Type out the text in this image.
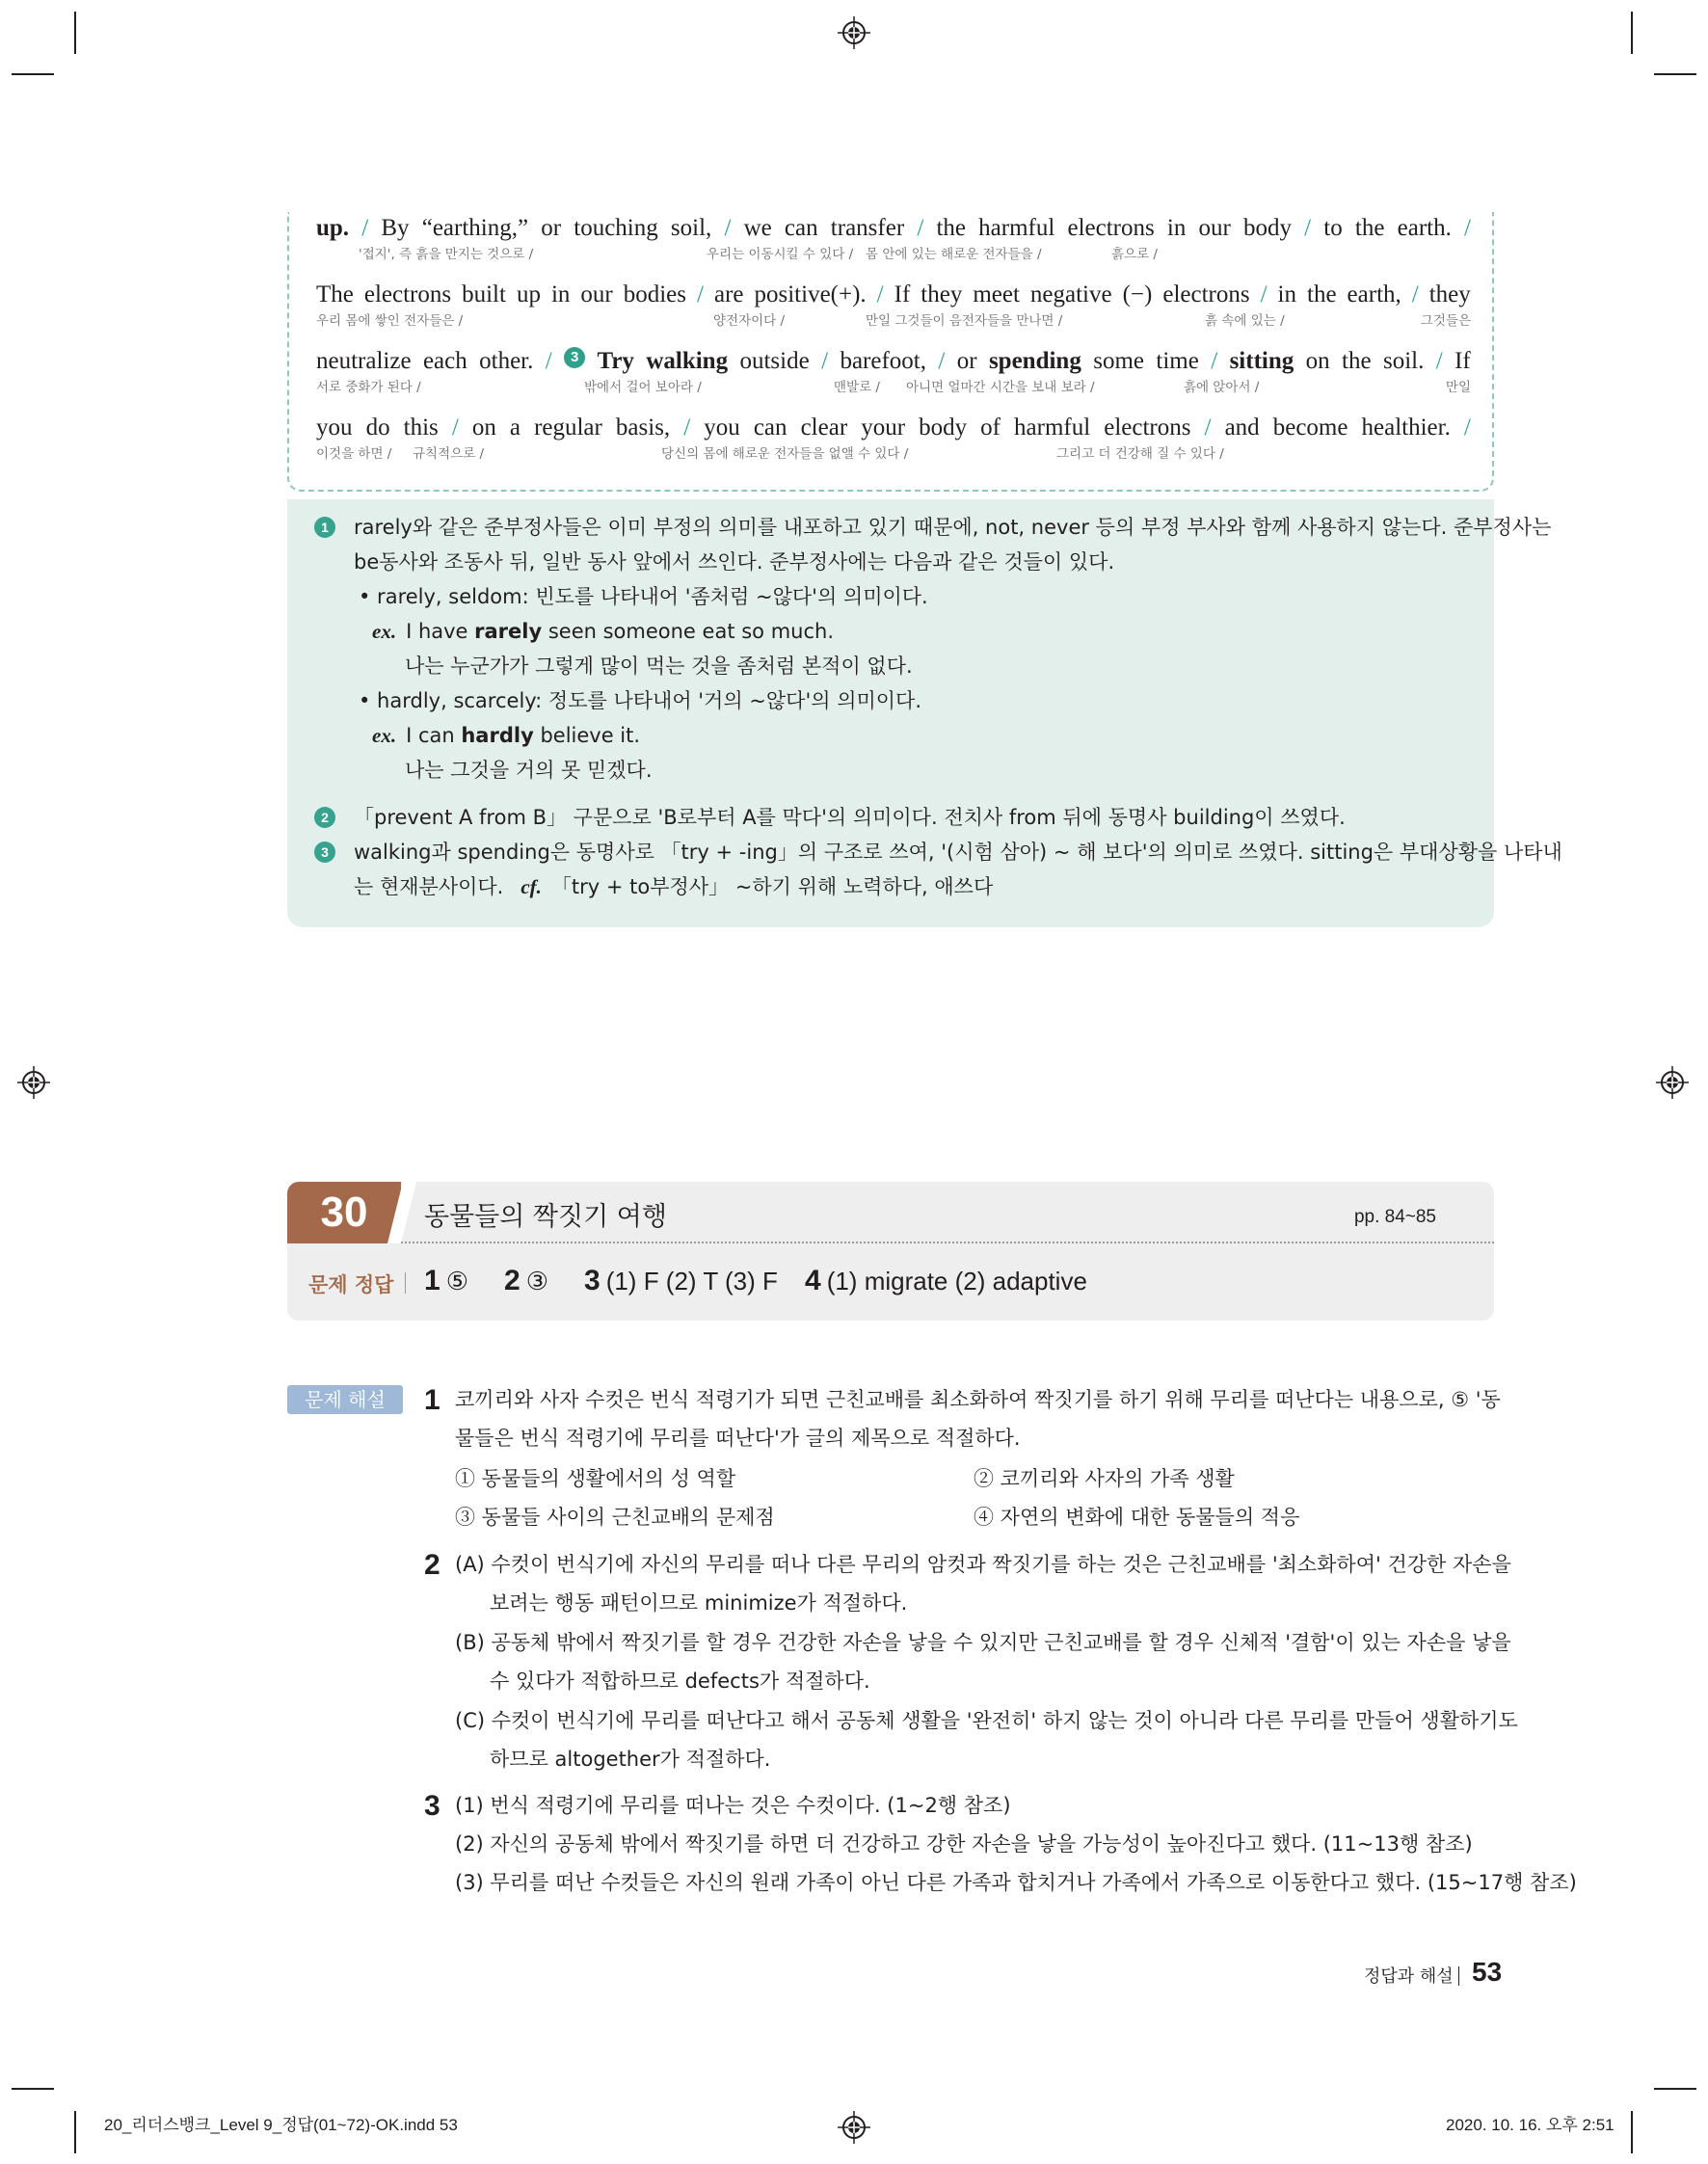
up. / By “earthing,” or touching soil, / we can transfer / the harmful electrons in our body / to the earth. /
'접지', 즉 흙을 만지는 것으로 /	우리는 이동시킬 수 있다 / 몸 안에 있는 해로운 전자들을 /	흙으로 /
The electrons built up in our bodies / are positive(+). / If they meet negative (−) electrons / in the earth, / they
우리 몸에 쌓인 전자들은 /	양전자이다 /	만일 그것들이 음전자들을 만나면 /	흙 속에 있는 /	그것들은
neutralize each other. /	3 Try walking outside / barefoot, / or spending some time / sitting on the soil. / If
서로 중화가 된다 /	밖에서 걸어 보아라 /	맨발로 / 아니면 얼마간 시간을 보내 보라 /	흙에 앉아서 /	만일
you do this / on a regular basis, / you can clear your body of harmful electrons / and become healthier. /
이것을 하면 / 규칙적으로 /	당신의 몸에 해로운 전자들을 없앨 수 있다 /	그리고 더 건강해 질 수 있다 /
1	rarely와 같은 준부정사들은 이미 부정의 의미를 내포하고 있기 때문에, not, never 등의 부정 부사와 함께 사용하지 않는다. 준부정사는
be동사와 조동사 뒤, 일반 동사 앞에서 쓰인다. 준부정사에는 다음과 같은 것들이 있다.
• rarely, seldom: 빈도를 나타내어 '좀처럼 ~않다'의 의미이다.
ex. I have rarely seen someone eat so much.
나는 누군가가 그렇게 많이 먹는 것을 좀처럼 본적이 없다.
• hardly, scarcely: 정도를 나타내어 '거의 ~않다'의 의미이다.
ex. I can hardly believe it.
나는 그것을 거의 못 믿겠다.
2	「prevent A from B」 구문으로 'B로부터 A를 막다'의 의미이다. 전치사 from 뒤에 동명사 building이 쓰였다.
3	walking과 spending은 동명사로 「try + -ing」의 구조로 쓰여, '(시험 삼아) ~ 해 보다'의 의미로 쓰였다. sitting은 부대상황을 나타내
는 현재분사이다. cf. 「try + to부정사」 ~하기 위해 노력하다, 애쓰다
30	동물들의 짝짓기 여행	pp. 84~85
문제 정답 1 ⑤ 2 ③ 3 (1) F (2) T (3) F 4 (1) migrate (2) adaptive
문제 해설	1 코끼리와 사자 수컷은 번식 적령기가 되면 근친교배를 최소화하여 짝짓기를 하기 위해 무리를 떠난다는 내용으로, ⑤ '동
물들은 번식 적령기에 무리를 떠난다'가 글의 제목으로 적절하다.
① 동물들의 생활에서의 성 역할	② 코끼리와 사자의 가족 생활
③ 동물들 사이의 근친교배의 문제점	④ 자연의 변화에 대한 동물들의 적응
2 (A) 수컷이 번식기에 자신의 무리를 떠나 다른 무리의 암컷과 짝짓기를 하는 것은 근친교배를 '최소화하여' 건강한 자손을
보려는 행동 패턴이므로 minimize가 적절하다.
(B) 공동체 밖에서 짝짓기를 할 경우 건강한 자손을 낳을 수 있지만 근친교배를 할 경우 신체적 '결함'이 있는 자손을 낳을
수 있다가 적합하므로 defects가 적절하다.
(C) 수컷이 번식기에 무리를 떠난다고 해서 공동체 생활을 '완전히' 하지 않는 것이 아니라 다른 무리를 만들어 생활하기도
하므로 altogether가 적절하다.
3 (1) 번식 적령기에 무리를 떠나는 것은 수컷이다. (1~2행 참조)
(2) 자신의 공동체 밖에서 짝짓기를 하면 더 건강하고 강한 자손을 낳을 가능성이 높아진다고 했다. (11~13행 참조)
(3) 무리를 떠난 수컷들은 자신의 원래 가족이 아닌 다른 가족과 합치거나 가족에서 가족으로 이동한다고 했다. (15~17행 참조)
정답과 해설 53
20_리더스뱅크_Level 9_정답(01~72)-OK.indd 53	2020. 10. 16. 오후 2:51
